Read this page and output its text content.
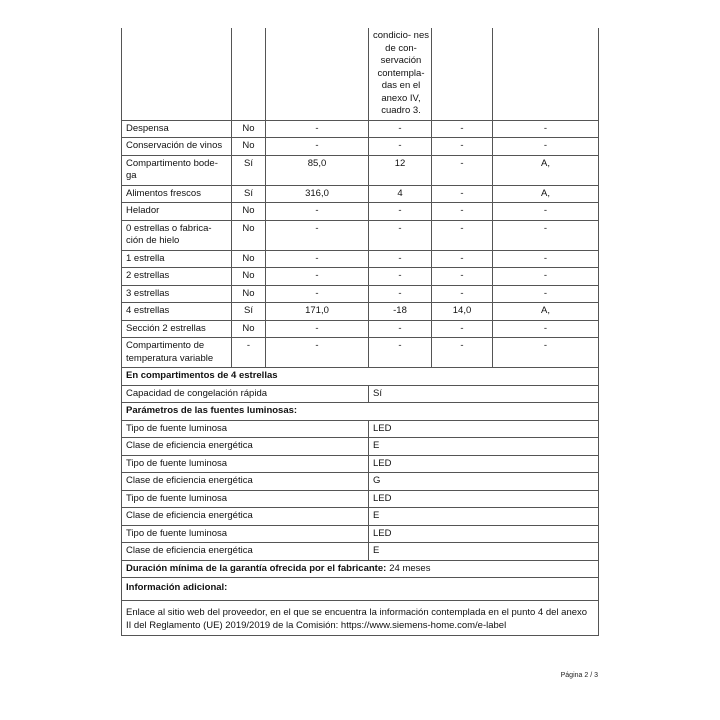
			condicio- nes de con- servación contempla- das en el anexo IV, cuadro 3.		

Despensa	No	-	-	-	-
Conservación de vinos	No	-	-	-	-
Compartimento bode-ga	Sí	85,0	12	-	A,
Alimentos frescos	Sí	316,0	4	-	A,
Helador	No	-	-	-	-
0 estrellas o fabrica-ción de hielo	No	-	-	-	-
1 estrella	No	-	-	-	-
2 estrellas	No	-	-	-	-
3 estrellas	No	-	-	-	-
4 estrellas	Sí	171,0	-18	14,0	A,
Sección 2 estrellas	No	-	-	-	-
Compartimento de temperatura variable	-	-	-	-	-
En compartimentos de 4 estrellas					
Capacidad de congelación rápida			Sí		
Parámetros de las fuentes luminosas:					
Tipo de fuente luminosa			LED		
Clase de eficiencia energética			E		
Tipo de fuente luminosa			LED		
Clase de eficiencia energética			G		
Tipo de fuente luminosa			LED		
Clase de eficiencia energética			E		
Tipo de fuente luminosa			LED		
Clase de eficiencia energética			E		
Duración mínima de la garantía ofrecida por el fabricante: 24 meses					
Información adicional:					
Enlace al sitio web del proveedor, en el que se encuentra la información contemplada en el punto 4 del anexo II del Reglamento (UE) 2019/2019 de la Comisión: https://www.siemens-home.com/e-label					
Página 2 / 3
